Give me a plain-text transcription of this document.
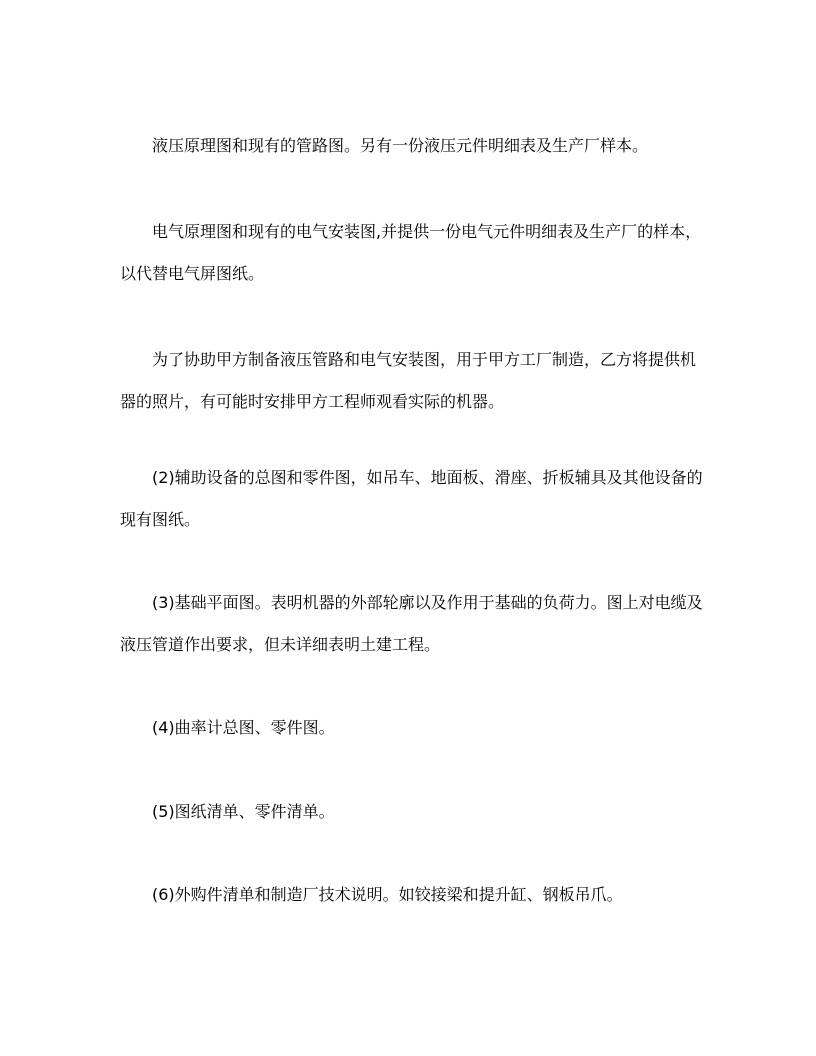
液压原理图和现有的管路图。另有一份液压元件明细表及生产厂样本。

电气原理图和现有的电气安装图,并提供一份电气元件明细表及生产厂的样本，
以代替电气屏图纸。

为了协助甲方制备液压管路和电气安装图，用于甲方工厂制造，乙方将提供机
器的照片，有可能时安排甲方工程师观看实际的机器。

(2)辅助设备的总图和零件图，如吊车、地面板、滑座、折板辅具及其他设备的
现有图纸。

(3)基础平面图。表明机器的外部轮廓以及作用于基础的负荷力。图上对电缆及
液压管道作出要求，但未详细表明土建工程。

(4)曲率计总图、零件图。

(5)图纸清单、零件清单。

(6)外购件清单和制造厂技术说明。如铰接梁和提升缸、钢板吊爪。
